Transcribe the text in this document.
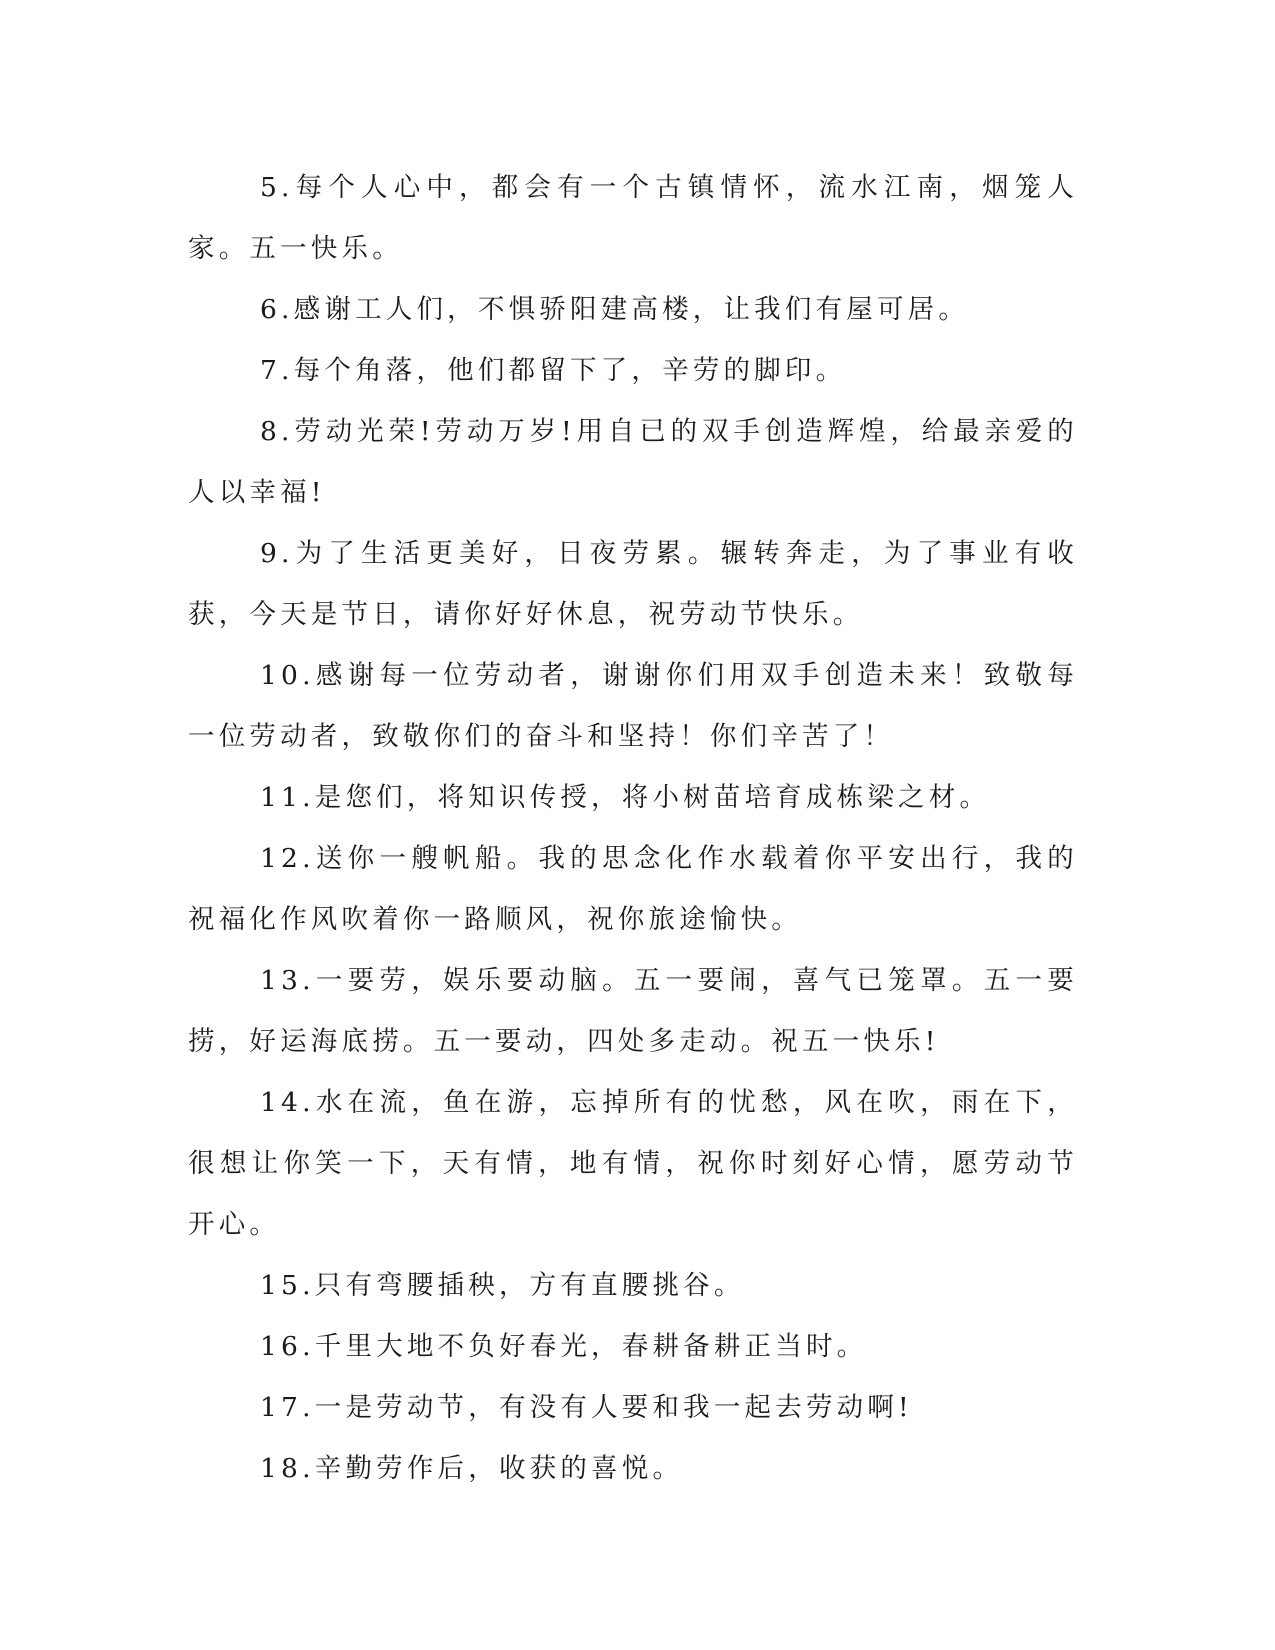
5.每个人心中，都会有一个古镇情怀，流水江南，烟笼人家。五一快乐。

6.感谢工人们，不惧骄阳建高楼，让我们有屋可居。

7.每个角落，他们都留下了，辛劳的脚印。

8.劳动光荣!劳动万岁!用自已的双手创造辉煌，给最亲爱的人以幸福!

9.为了生活更美好，日夜劳累。辗转奔走，为了事业有收获，今天是节日，请你好好休息，祝劳动节快乐。

10.感谢每一位劳动者，谢谢你们用双手创造未来！致敬每一位劳动者，致敬你们的奋斗和坚持！你们辛苦了！

11.是您们，将知识传授，将小树苗培育成栋梁之材。

12.送你一艘帆船。我的思念化作水载着你平安出行，我的祝福化作风吹着你一路顺风，祝你旅途愉快。

13.一要劳，娱乐要动脑。五一要闹，喜气已笼罩。五一要捞，好运海底捞。五一要动，四处多走动。祝五一快乐!

14.水在流，鱼在游，忘掉所有的忧愁，风在吹，雨在下，很想让你笑一下，天有情，地有情，祝你时刻好心情，愿劳动节开心。

15.只有弯腰插秧，方有直腰挑谷。

16.千里大地不负好春光，春耕备耕正当时。

17.一是劳动节，有没有人要和我一起去劳动啊!

18.辛勤劳作后，收获的喜悦。
